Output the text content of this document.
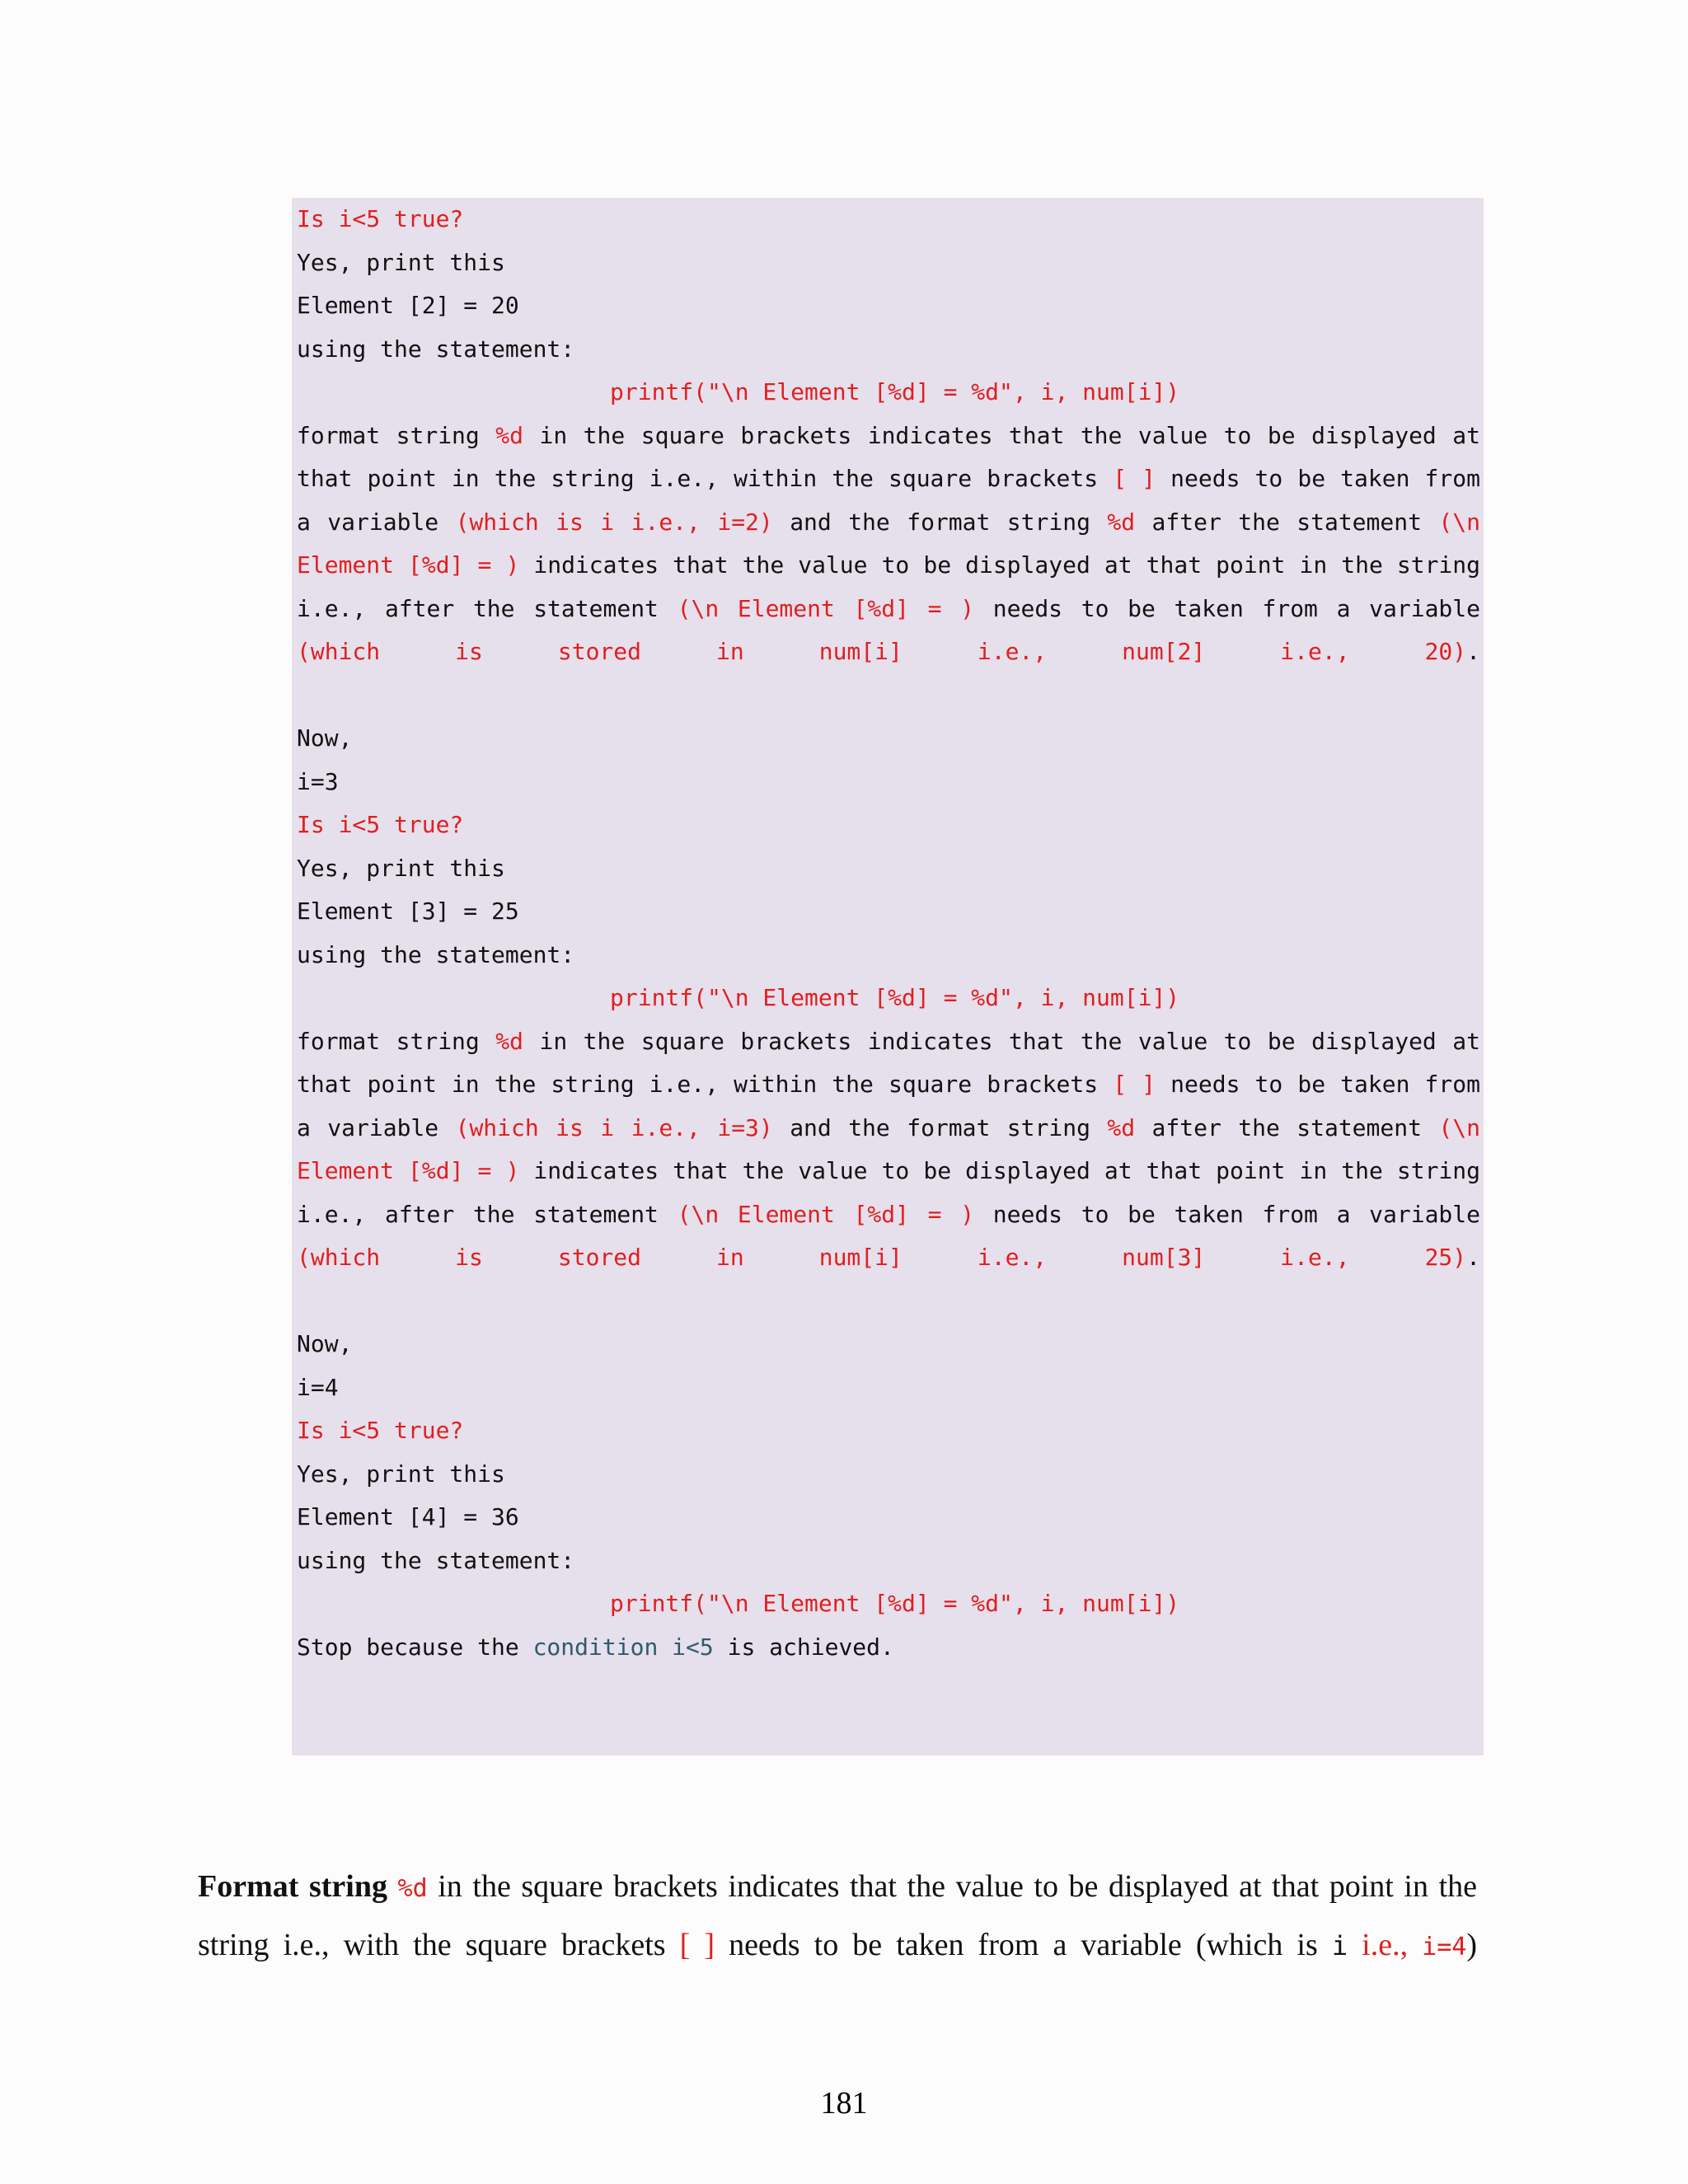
Is i<5 true?
Yes, print this
Element [2] = 20
using the statement:
printf("\n Element [%d] = %d", i, num[i])
format string %d in the square brackets indicates that the value to be displayed at that point in the string i.e., within the square brackets [ ] needs to be taken from a variable (which is i i.e., i=2) and the format string %d after the statement (\n Element [%d] = ) indicates that the value to be displayed at that point in the string i.e., after the statement (\n Element [%d] = ) needs to be taken from a variable (which is stored in num[i] i.e., num[2] i.e., 20).
Now,
i=3
Is i<5 true?
Yes, print this
Element [3] = 25
using the statement:
printf("\n Element [%d] = %d", i, num[i])
format string %d in the square brackets indicates that the value to be displayed at that point in the string i.e., within the square brackets [ ] needs to be taken from a variable (which is i i.e., i=3) and the format string %d after the statement (\n Element [%d] = ) indicates that the value to be displayed at that point in the string i.e., after the statement (\n Element [%d] = ) needs to be taken from a variable (which is stored in num[i] i.e., num[3] i.e., 25).
Now,
i=4
Is i<5 true?
Yes, print this
Element [4] = 36
using the statement:
printf("\n Element [%d] = %d", i, num[i])
Stop because the condition i<5 is achieved.
Format string %d in the square brackets indicates that the value to be displayed at that point in the string i.e., with the square brackets [ ] needs to be taken from a variable (which is i i.e., i=4)
181
